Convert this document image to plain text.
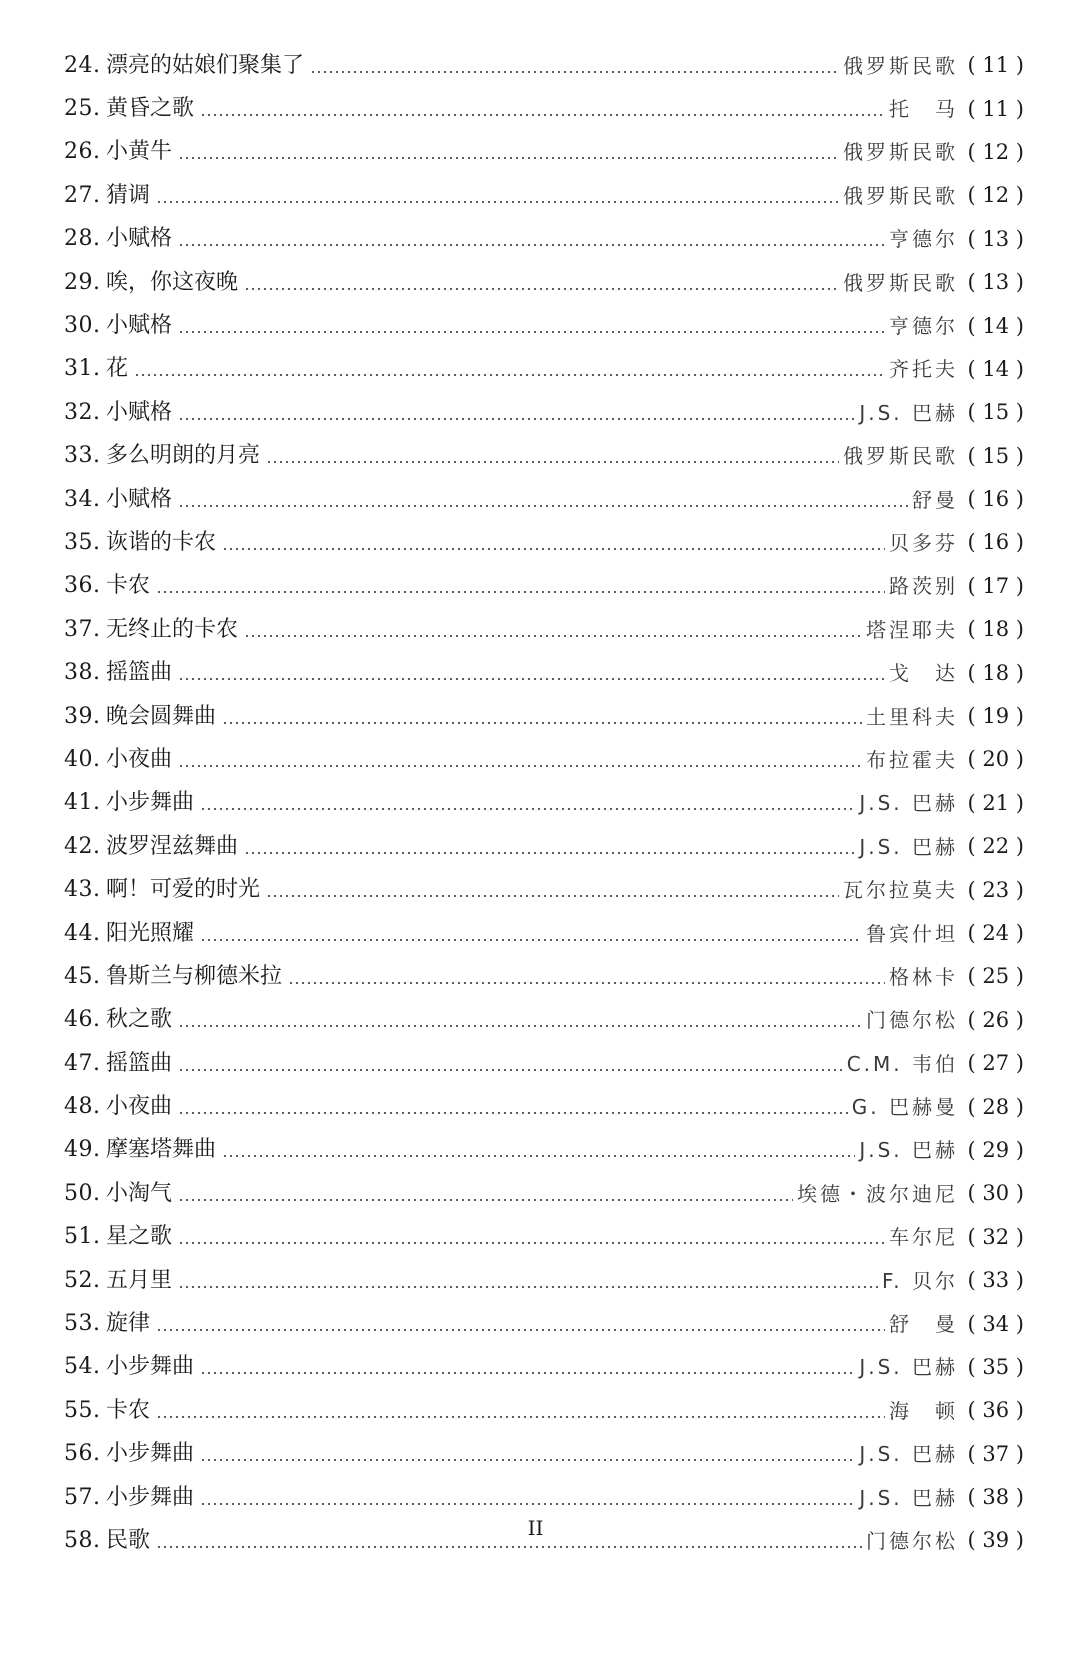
24. 漂亮的姑娘们聚集了	俄罗斯民歌 ( 11 )
25. 黄昏之歌	托　马 ( 11 )
26. 小黄牛	俄罗斯民歌 ( 12 )
27. 猜调	俄罗斯民歌 ( 12 )
28. 小赋格	亨德尔 ( 13 )
29. 唉，你这夜晚	俄罗斯民歌 ( 13 )
30. 小赋格	亨德尔 ( 14 )
31. 花	齐托夫 ( 14 )
32. 小赋格	J.S. 巴赫 ( 15 )
33. 多么明朗的月亮	俄罗斯民歌 ( 15 )
34. 小赋格	舒曼 ( 16 )
35. 诙谐的卡农	贝多芬 ( 16 )
36. 卡农	路茨别 ( 17 )
37. 无终止的卡农	塔涅耶夫 ( 18 )
38. 摇篮曲	戈　达 ( 18 )
39. 晚会圆舞曲	土里科夫 ( 19 )
40. 小夜曲	布拉霍夫 ( 20 )
41. 小步舞曲	J.S. 巴赫 ( 21 )
42. 波罗涅兹舞曲	J.S. 巴赫 ( 22 )
43. 啊！可爱的时光	瓦尔拉莫夫 ( 23 )
44. 阳光照耀	鲁宾什坦 ( 24 )
45. 鲁斯兰与柳德米拉	格林卡 ( 25 )
46. 秋之歌	门德尔松 ( 26 )
47. 摇篮曲	C.M. 韦伯 ( 27 )
48. 小夜曲	G. 巴赫曼 ( 28 )
49. 摩塞塔舞曲	J.S. 巴赫 ( 29 )
50. 小淘气	埃德・波尔迪尼 ( 30 )
51. 星之歌	车尔尼 ( 32 )
52. 五月里	F. 贝尔 ( 33 )
53. 旋律	舒　曼 ( 34 )
54. 小步舞曲	J.S. 巴赫 ( 35 )
55. 卡农	海　顿 ( 36 )
56. 小步舞曲	J.S. 巴赫 ( 37 )
57. 小步舞曲	J.S. 巴赫 ( 38 )
58. 民歌	门德尔松 ( 39 )
II
